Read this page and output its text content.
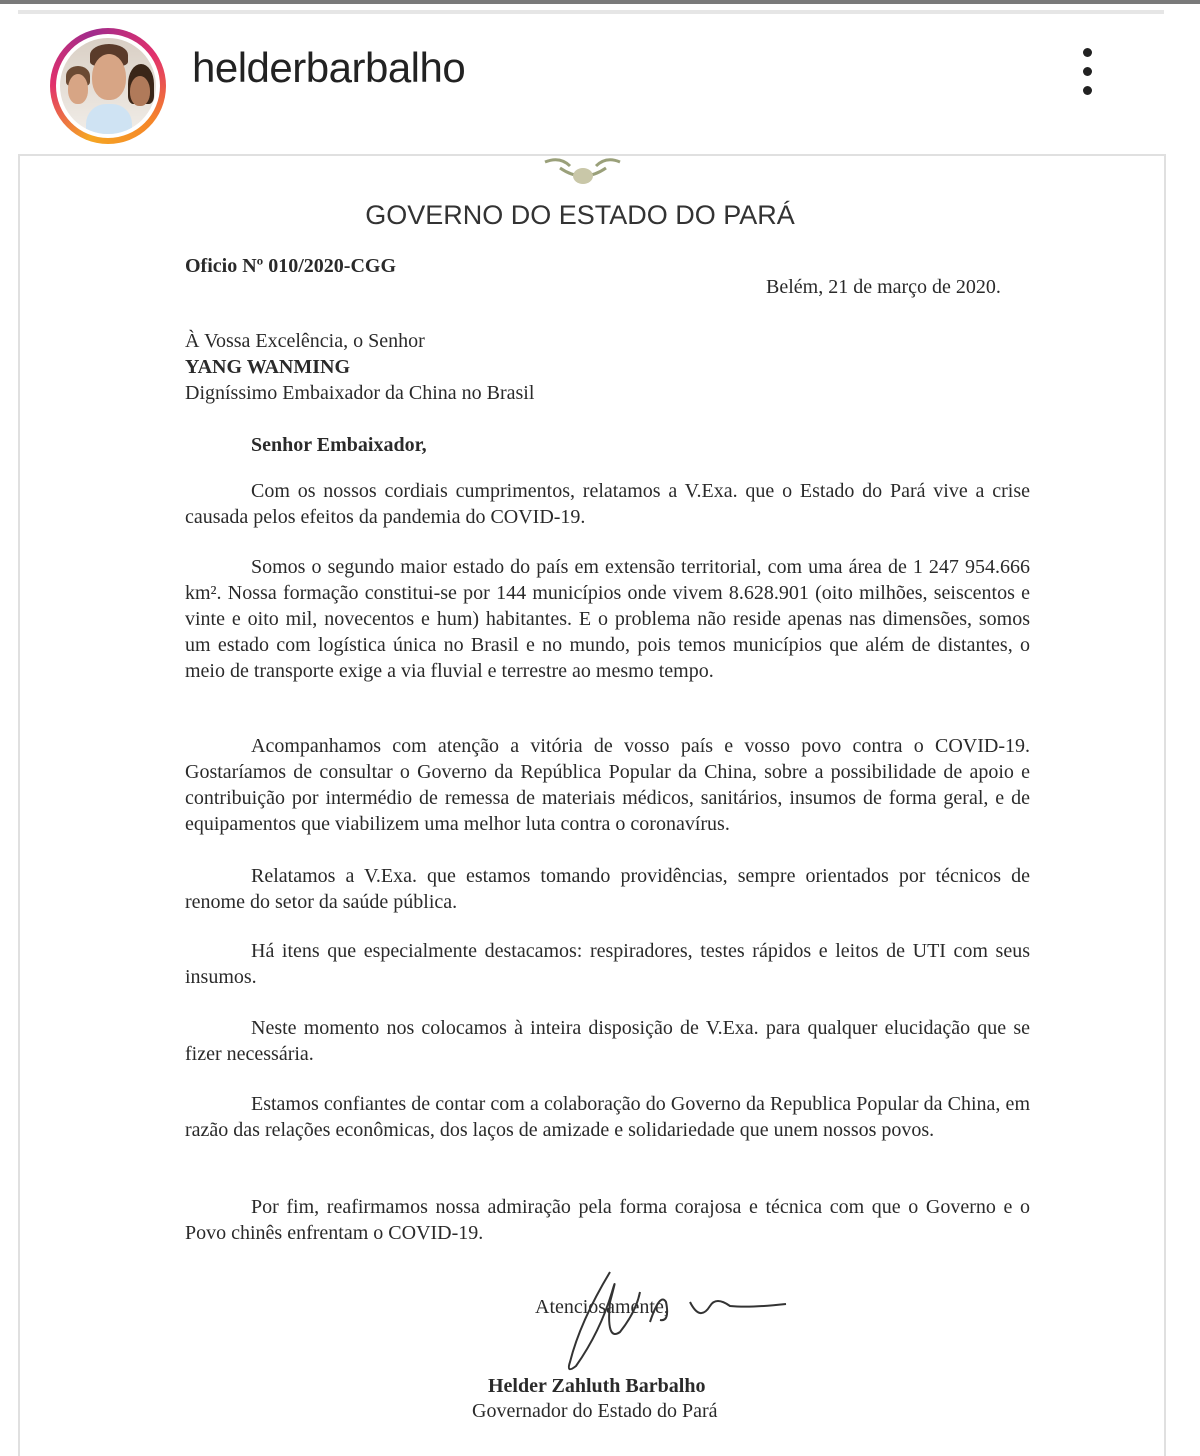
helderbarbalho
GOVERNO DO ESTADO DO PARÁ
Oficio Nº 010/2020-CGG
Belém, 21 de março de 2020.
À Vossa Excelência, o Senhor
YANG WANMING
Digníssimo Embaixador da China no Brasil
Senhor Embaixador,
Com os nossos cordiais cumprimentos, relatamos a V.Exa. que o Estado do Pará vive a crise causada pelos efeitos da pandemia do COVID-19.
Somos o segundo maior estado do país em extensão territorial, com uma área de 1 247 954.666 km². Nossa formação constitui-se por 144 municípios onde vivem 8.628.901 (oito milhões, seiscentos e vinte e oito mil, novecentos e hum) habitantes. E o problema não reside apenas nas dimensões, somos um estado com logística única no Brasil e no mundo, pois temos municípios que além de distantes, o meio de transporte exige a via fluvial e terrestre ao mesmo tempo.
Acompanhamos com atenção a vitória de vosso país e vosso povo contra o COVID-19. Gostaríamos de consultar o Governo da República Popular da China, sobre a possibilidade de apoio e contribuição por intermédio de remessa de materiais médicos, sanitários, insumos de forma geral, e de equipamentos que viabilizem uma melhor luta contra o coronavírus.
Relatamos a V.Exa. que estamos tomando providências, sempre orientados por técnicos de renome do setor da saúde pública.
Há itens que especialmente destacamos: respiradores, testes rápidos e leitos de UTI com seus insumos.
Neste momento nos colocamos à inteira disposição de V.Exa. para qualquer elucidação que se fizer necessária.
Estamos confiantes de contar com a colaboração do Governo da Republica Popular da China, em razão das relações econômicas, dos laços de amizade e solidariedade que unem nossos povos.
Por fim, reafirmamos nossa admiração pela forma corajosa e técnica com que o Governo e o Povo chinês enfrentam o COVID-19.
Atenciosamente,
Helder Zahluth Barbalho
Governador do Estado do Pará
